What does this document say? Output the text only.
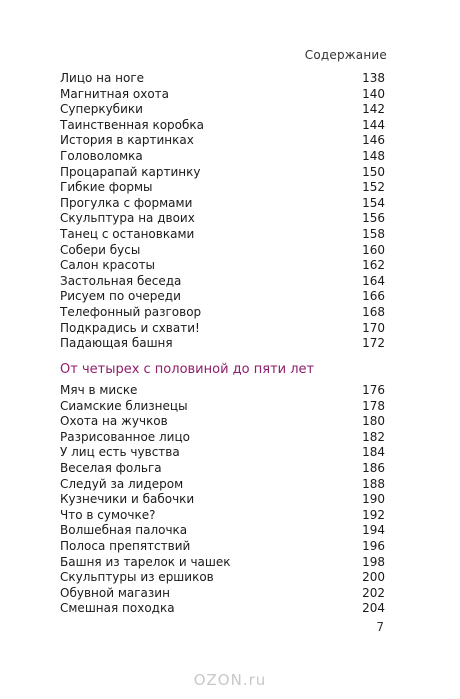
Содержание
Лицо на ноге	138
Магнитная охота	140
Суперкубики	142
Таинственная коробка	144
История в картинках	146
Головоломка	148
Процарапай картинку	150
Гибкие формы	152
Прогулка с формами	154
Скульптура на двоих	156
Танец с остановками	158
Собери бусы	160
Салон красоты	162
Застольная беседа	164
Рисуем по очереди	166
Телефонный разговор	168
Подкрадись и схвати!	170
Падающая башня	172
От четырех с половиной до пяти лет
Мяч в миске	176
Сиамские близнецы	178
Охота на жучков	180
Разрисованное лицо	182
У лиц есть чувства	184
Веселая фольга	186
Следуй за лидером	188
Кузнечики и бабочки	190
Что в сумочке?	192
Волшебная палочка	194
Полоса препятствий	196
Башня из тарелок и чашек	198
Скульптуры из ершиков	200
Обувной магазин	202
Смешная походка	204
7
OZON.ru
